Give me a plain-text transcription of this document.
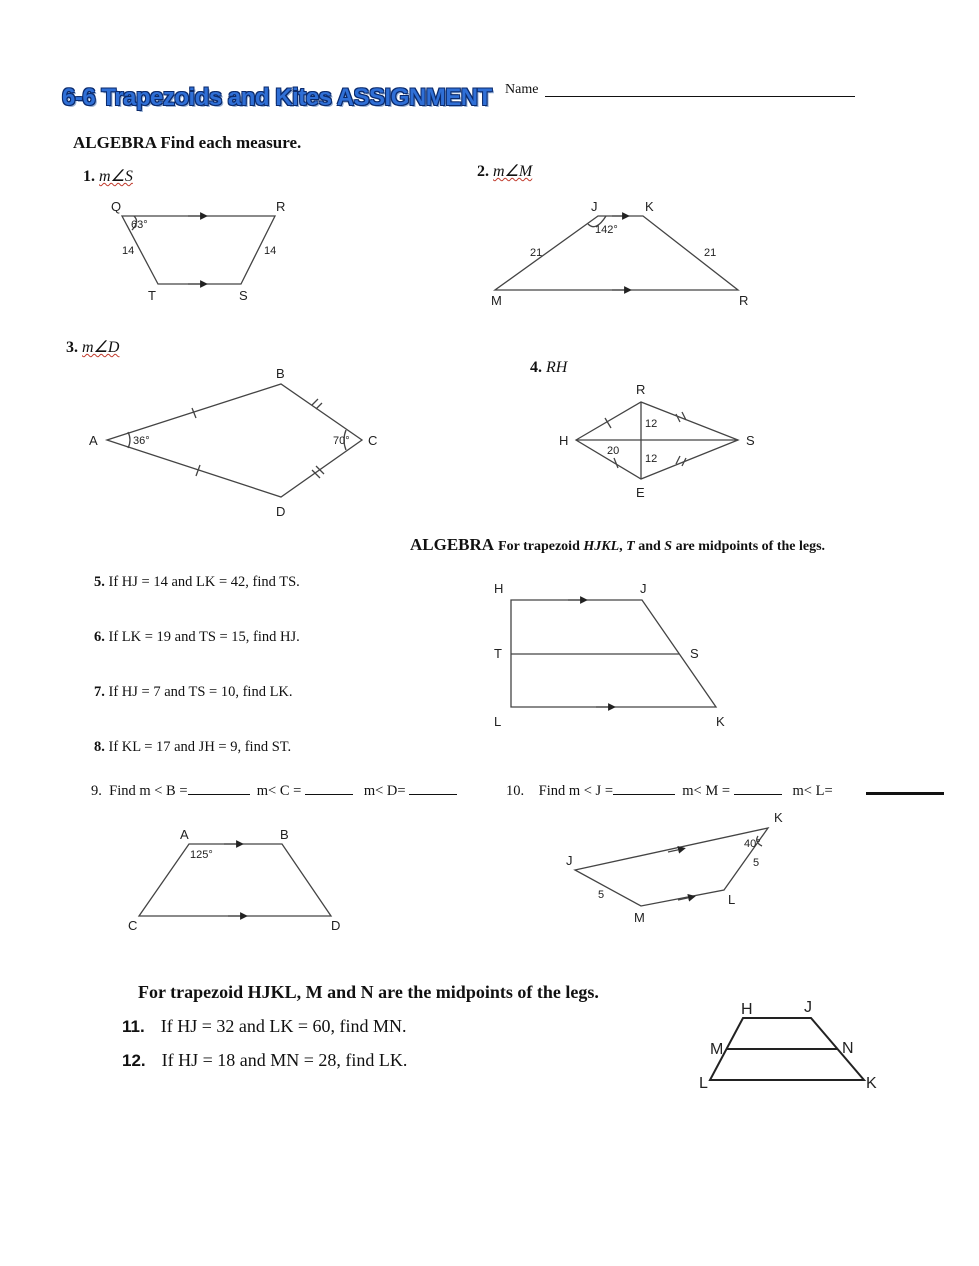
6-6 Trapezoids and Kites ASSIGNMENT Name
ALGEBRA Find each measure.
1. m∠S	2. m∠M
3. m∠D
4. RH
ALGEBRA For trapezoid HJKL, T and S are midpoints of the legs.
5. If HJ = 14 and LK = 42, find TS.
6. If LK = 19 and TS = 15, find HJ.
7. If HJ = 7 and TS = 10, find LK.
8. If KL = 17 and JH = 9, find ST.
9. Find m < B =	m< C =	m< D=	10. Find m < J =	m< M =	m< L=
For trapezoid HJKL, M and N are the midpoints of the legs.
11. If HJ = 32 and LK = 60, find MN.
12. If HJ = 18 and MN = 28, find LK.
Q	R
T	S
63°
14	14
J	K
M	R
142°
21	21
B
A	C
D
36°	70°
R
H	S
E
12
12
20
H	J
T	S
L	K
A	B
C	D
125°
K
J
L
M
40°
5
5
H	J
M	N
L	K
